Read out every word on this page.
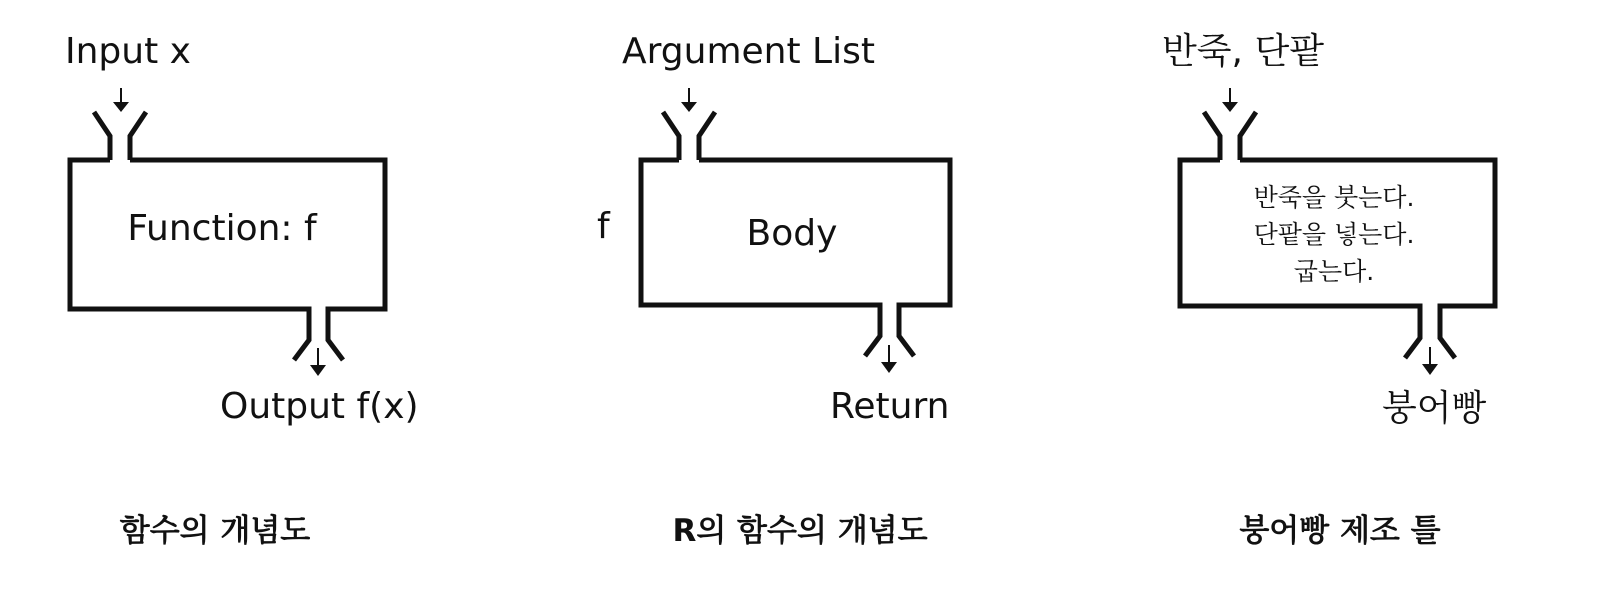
Input x
Function: f
Output f(x)
함수의 개념도
Argument List
f	Body
Return
R의 함수의 개념도
반죽, 단팥
반죽을 붓는다.
단팥을 넣는다.
굽는다.
붕어빵
붕어빵 제조 틀
